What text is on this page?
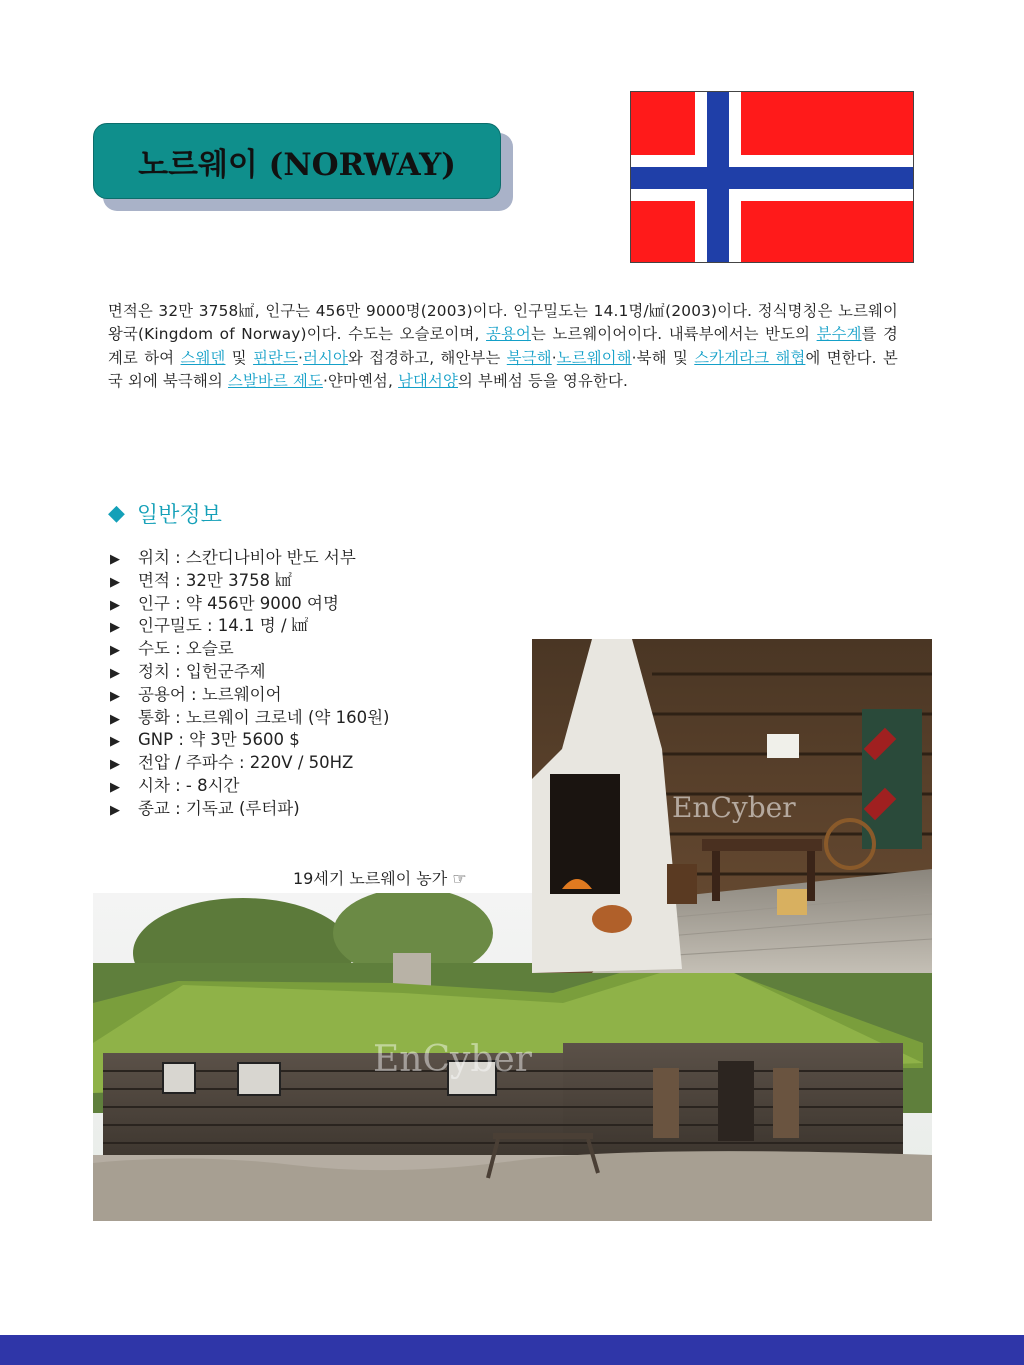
노르웨이 (NORWAY)
면적은 32만 3758㎢, 인구는 456만 9000명(2003)이다. 인구밀도는 14.1명/㎢(2003)이다. 정식명칭은 노르웨이왕국(Kingdom of Norway)이다. 수도는 오슬로이며, 공용어는 노르웨이어이다. 내륙부에서는 반도의 분수계를 경계로 하여 스웨덴 및 핀란드·러시아와 접경하고, 해안부는 북극해·노르웨이해·북해 및 스카게라크 해협에 면한다. 본국 외에 북극해의 스발바르 제도·얀마옌섬, 남대서양의 부베섬 등을 영유한다.
◆ 일반정보
▶ 위치 : 스칸디나비아 반도 서부
▶ 면적 : 32만 3758 ㎢
▶ 인구 : 약 456만 9000 여명
▶ 인구밀도 : 14.1 명 / ㎢
▶ 수도 : 오슬로
▶ 정치 : 입헌군주제
▶ 공용어 : 노르웨이어
▶ 통화 : 노르웨이 크로네 (약 160원)
▶ GNP : 약 3만 5600 $
▶ 전압 / 주파수 : 220V / 50HZ
▶ 시차 : - 8시간
▶ 종교 : 기독교 (루터파)
19세기 노르웨이 농가 ☞
EnCyber
EnCyber
